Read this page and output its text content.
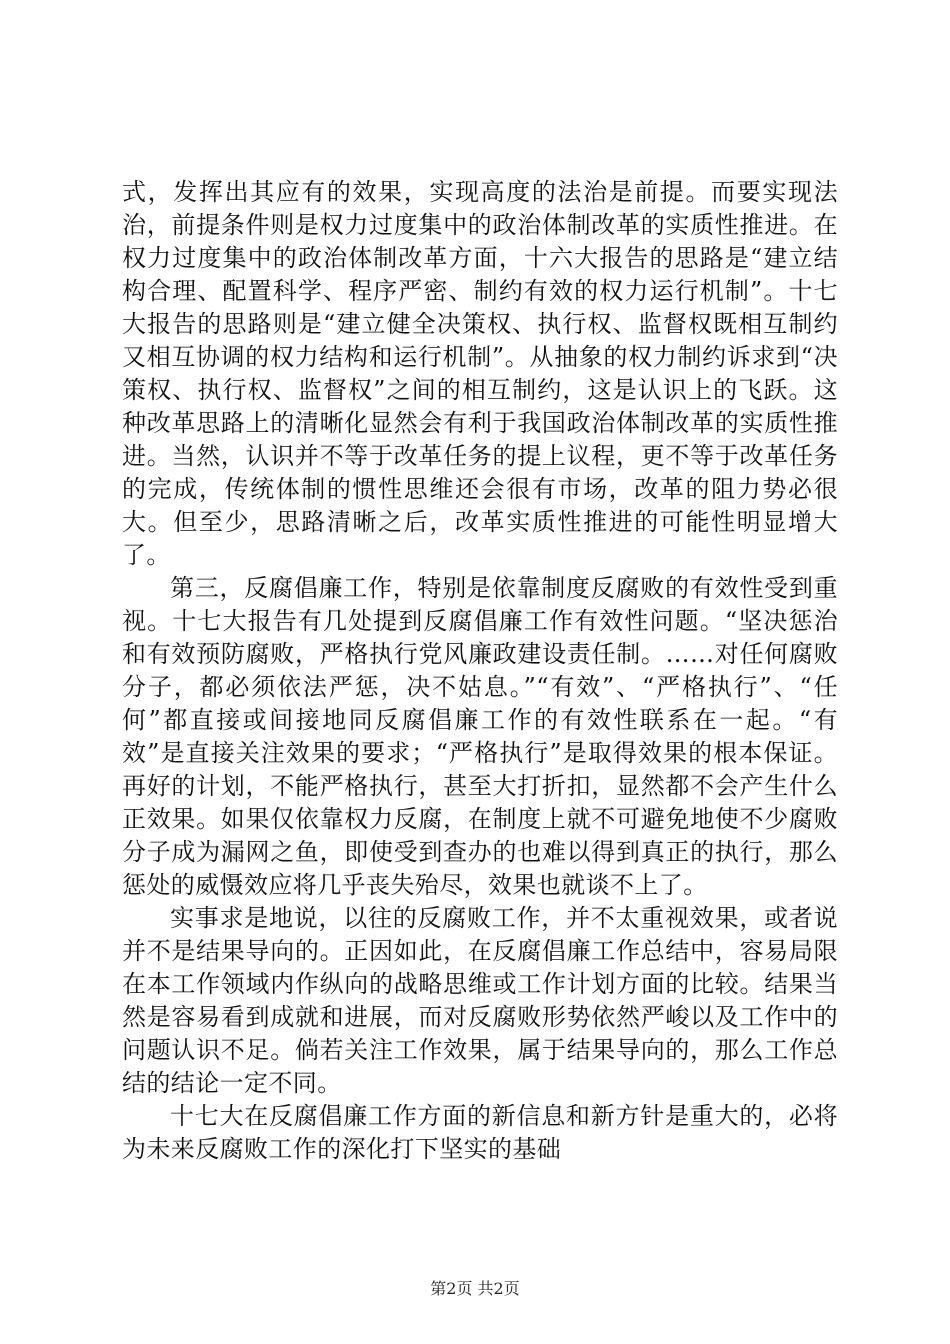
式，发挥出其应有的效果，实现高度的法治是前提。而要实现法治，前提条件则是权力过度集中的政治体制改革的实质性推进。在权力过度集中的政治体制改革方面，十六大报告的思路是“建立结构合理、配置科学、程序严密、制约有效的权力运行机制”。十七大报告的思路则是“建立健全决策权、执行权、监督权既相互制约又相互协调的权力结构和运行机制”。从抽象的权力制约诉求到“决策权、执行权、监督权”之间的相互制约，这是认识上的飞跃。这种改革思路上的清晰化显然会有利于我国政治体制改革的实质性推进。当然，认识并不等于改革任务的提上议程，更不等于改革任务的完成，传统体制的惯性思维还会很有市场，改革的阻力势必很大。但至少，思路清晰之后，改革实质性推进的可能性明显增大了。

第三，反腐倡廉工作，特别是依靠制度反腐败的有效性受到重视。十七大报告有几处提到反腐倡廉工作有效性问题。“坚决惩治和有效预防腐败，严格执行党风廉政建设责任制。……对任何腐败分子，都必须依法严惩，决不姑息。”“有效”、“严格执行”、“任何”都直接或间接地同反腐倡廉工作的有效性联系在一起。“有效”是直接关注效果的要求；“严格执行”是取得效果的根本保证。再好的计划，不能严格执行，甚至大打折扣，显然都不会产生什么正效果。如果仅依靠权力反腐，在制度上就不可避免地使不少腐败分子成为漏网之鱼，即使受到查办的也难以得到真正的执行，那么惩处的威慑效应将几乎丧失殆尽，效果也就谈不上了。

实事求是地说，以往的反腐败工作，并不太重视效果，或者说并不是结果导向的。正因如此，在反腐倡廉工作总结中，容易局限在本工作领域内作纵向的战略思维或工作计划方面的比较。结果当然是容易看到成就和进展，而对反腐败形势依然严峻以及工作中的问题认识不足。倘若关注工作效果，属于结果导向的，那么工作总结的结论一定不同。

十七大在反腐倡廉工作方面的新信息和新方针是重大的，必将为未来反腐败工作的深化打下坚实的基础

第2页 共2页
